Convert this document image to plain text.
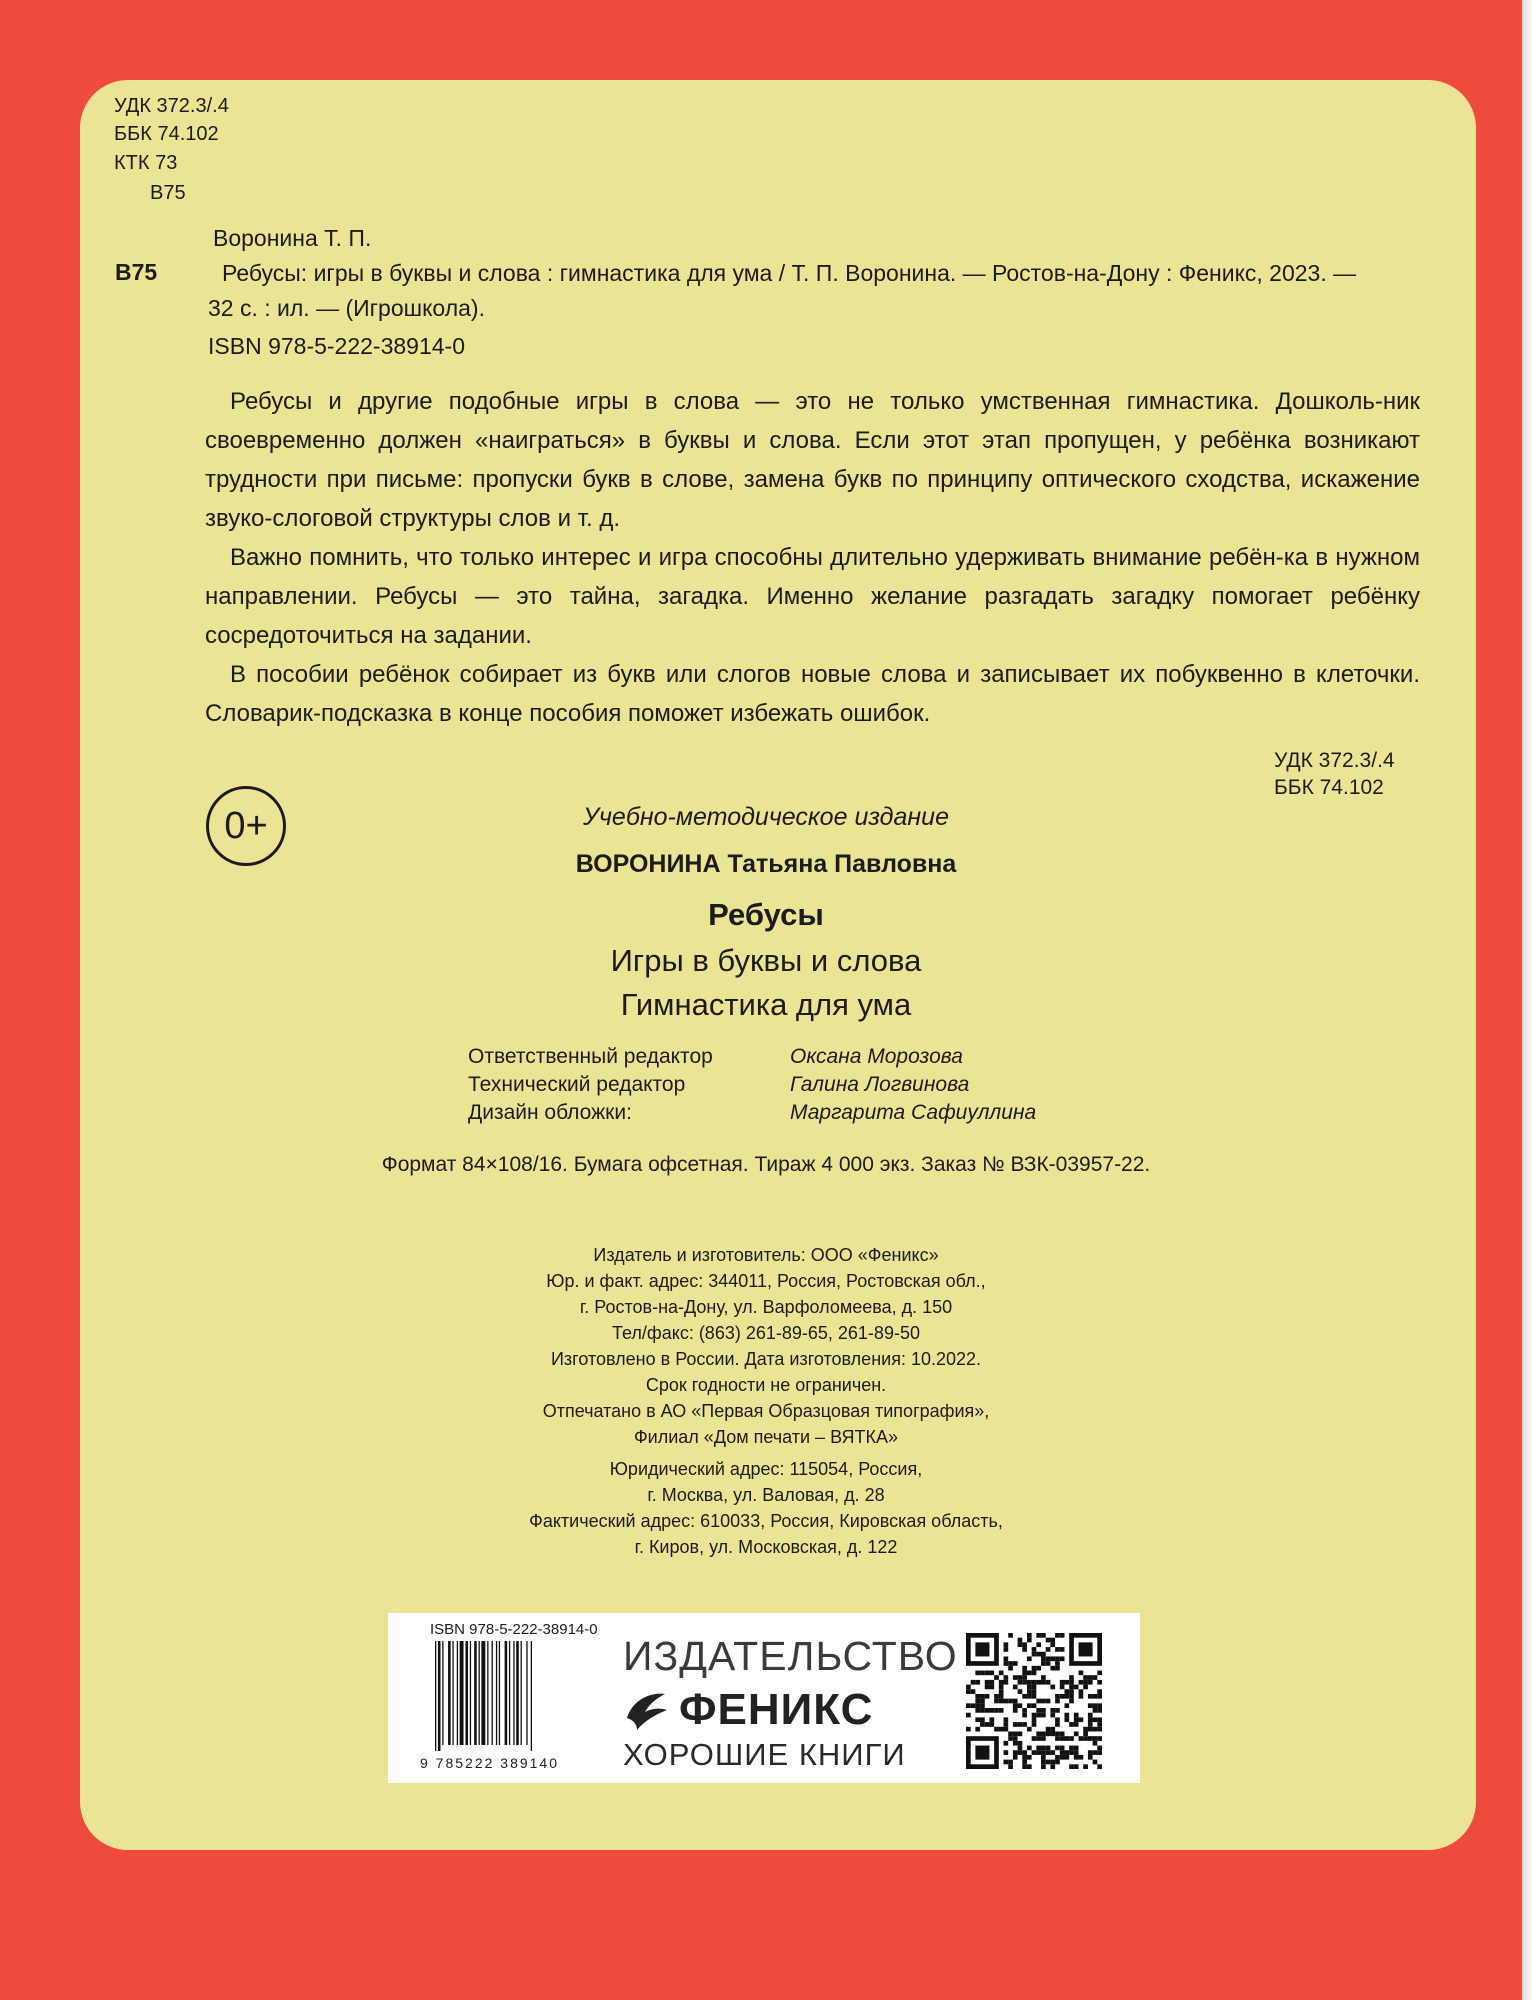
УДК 372.3/.4
ББК 74.102
КТК 73
В75
Воронина Т. П.
В75	Ребусы: игры в буквы и слова : гимнастика для ума / Т. П. Воронина. — Ростов-на-Дону : Феникс, 2023. —
32 с. : ил. — (Игрошкола).
ISBN 978-5-222-38914-0

Ребусы и другие подобные игры в слова — это не только умственная гимнастика. Дошколь-ник своевременно должен «наиграться» в буквы и слова. Если этот этап пропущен, у ребёнка возникают трудности при письме: пропуски букв в слове, замена букв по принципу оптического сходства, искажение звуко-слоговой структуры слов и т. д.

Важно помнить, что только интерес и игра способны длительно удерживать внимание ребён-ка в нужном направлении. Ребусы — это тайна, загадка. Именно желание разгадать загадку помогает ребёнку сосредоточиться на задании.

В пособии ребёнок собирает из букв или слогов новые слова и записывает их побуквенно в клеточки. Словарик-подсказка в конце пособия поможет избежать ошибок.

УДК 372.3/.4
ББК 74.102
0+	Учебно-методическое издание
ВОРОНИНА Татьяна Павловна
Ребусы
Игры в буквы и слова
Гимнастика для ума
Ответственный редактор	Оксана Морозова
Технический редактор	Галина Логвинова
Дизайн обложки:	Маргарита Сафиуллина
Формат 84×108/16. Бумага офсетная. Тираж 4 000 экз. Заказ № ВЗК-03957-22.
Издатель и изготовитель: ООО «Феникс»
Юр. и факт. адрес: 344011, Россия, Ростовская обл.,
г. Ростов-на-Дону, ул. Варфоломеева, д. 150
Тел/факс: (863) 261-89-65, 261-89-50
Изготовлено в России. Дата изготовления: 10.2022.
Срок годности не ограничен.
Отпечатано в АО «Первая Образцовая типография»,
Филиал «Дом печати – ВЯТКА»
Юридический адрес: 115054, Россия,
г. Москва, ул. Валовая, д. 28
Фактический адрес: 610033, Россия, Кировская область,
г. Киров, ул. Московская, д. 122
ISBN 978-5-222-38914-0
9 785222 389140
ИЗДАТЕЛЬСТВО
ФЕНИКС
ХОРОШИЕ КНИГИ
